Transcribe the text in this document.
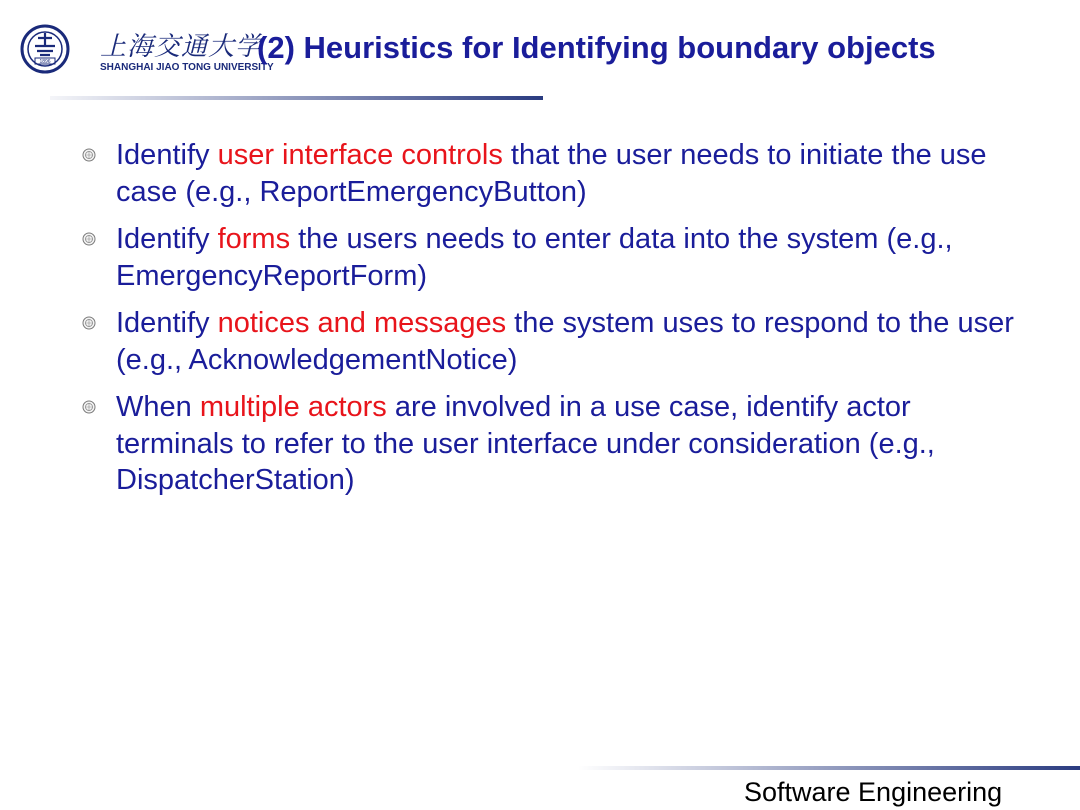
1896
上海交通大学
SHANGHAI JIAO TONG UNIVERSITY
(2) Heuristics for Identifying boundary objects
Identify user interface controls that the user needs to initiate the use case (e.g., ReportEmergencyButton)
Identify forms the users needs to enter data into the system (e.g., EmergencyReportForm)
Identify notices and messages the system uses to respond to the user (e.g., AcknowledgementNotice)
When multiple actors are involved in a use case, identify actor terminals to refer to the user interface under consideration (e.g., DispatcherStation)
Software Engineering
